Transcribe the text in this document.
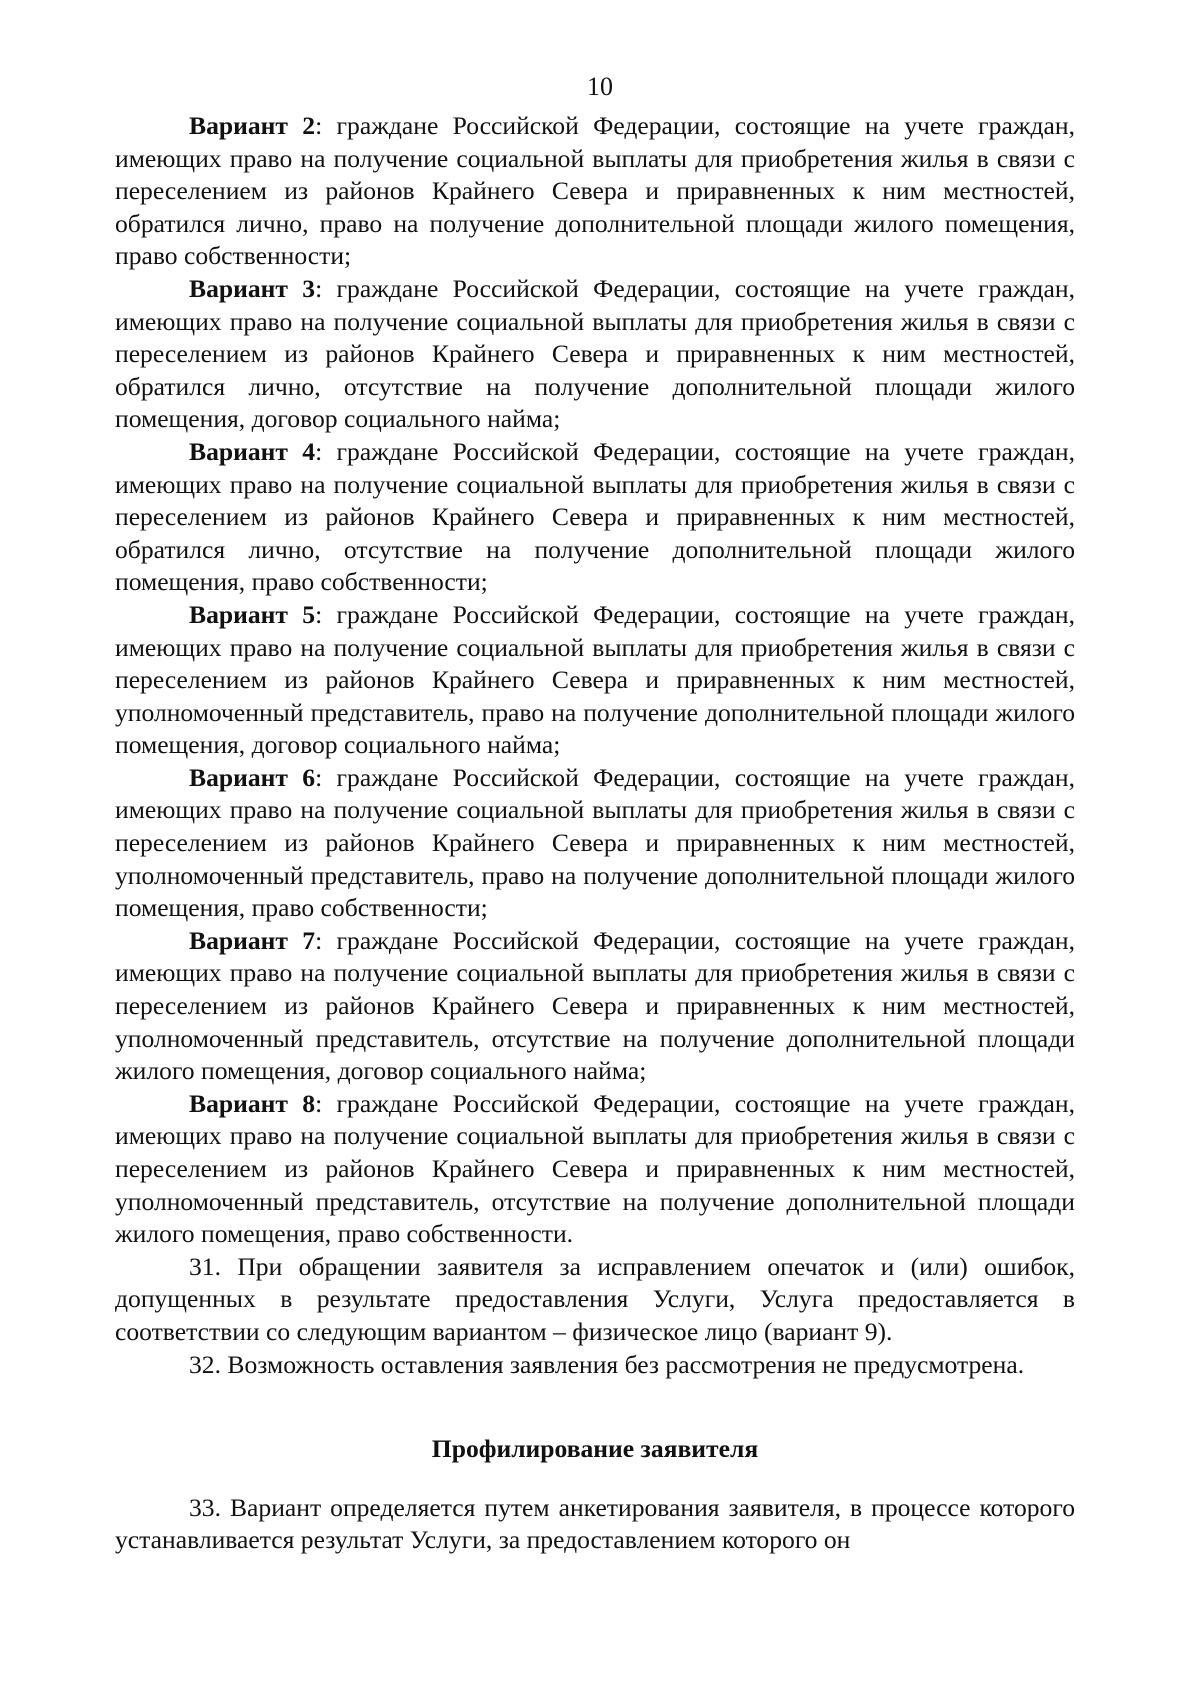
10

Вариант 2: граждане Российской Федерации, состоящие на учете граждан, имеющих право на получение социальной выплаты для приобретения жилья в связи с переселением из районов Крайнего Севера и приравненных к ним местностей, обратился лично, право на получение дополнительной площади жилого помещения, право собственности;

Вариант 3: граждане Российской Федерации, состоящие на учете граждан, имеющих право на получение социальной выплаты для приобретения жилья в связи с переселением из районов Крайнего Севера и приравненных к ним местностей, обратился лично, отсутствие на получение дополнительной площади жилого помещения, договор социального найма;

Вариант 4: граждане Российской Федерации, состоящие на учете граждан, имеющих право на получение социальной выплаты для приобретения жилья в связи с переселением из районов Крайнего Севера и приравненных к ним местностей, обратился лично, отсутствие на получение дополнительной площади жилого помещения, право собственности;

Вариант 5: граждане Российской Федерации, состоящие на учете граждан, имеющих право на получение социальной выплаты для приобретения жилья в связи с переселением из районов Крайнего Севера и приравненных к ним местностей, уполномоченный представитель, право на получение дополнительной площади жилого помещения, договор социального найма;

Вариант 6: граждане Российской Федерации, состоящие на учете граждан, имеющих право на получение социальной выплаты для приобретения жилья в связи с переселением из районов Крайнего Севера и приравненных к ним местностей, уполномоченный представитель, право на получение дополнительной площади жилого помещения, право собственности;

Вариант 7: граждане Российской Федерации, состоящие на учете граждан, имеющих право на получение социальной выплаты для приобретения жилья в связи с переселением из районов Крайнего Севера и приравненных к ним местностей, уполномоченный представитель, отсутствие на получение дополнительной площади жилого помещения, договор социального найма;

Вариант 8: граждане Российской Федерации, состоящие на учете граждан, имеющих право на получение социальной выплаты для приобретения жилья в связи с переселением из районов Крайнего Севера и приравненных к ним местностей, уполномоченный представитель, отсутствие на получение дополнительной площади жилого помещения, право собственности.

31. При обращении заявителя за исправлением опечаток и (или) ошибок, допущенных в результате предоставления Услуги, Услуга предоставляется в соответствии со следующим вариантом – физическое лицо (вариант 9).

32. Возможность оставления заявления без рассмотрения не предусмотрена.

Профилирование заявителя

33. Вариант определяется путем анкетирования заявителя, в процессе которого устанавливается результат Услуги, за предоставлением которого он
